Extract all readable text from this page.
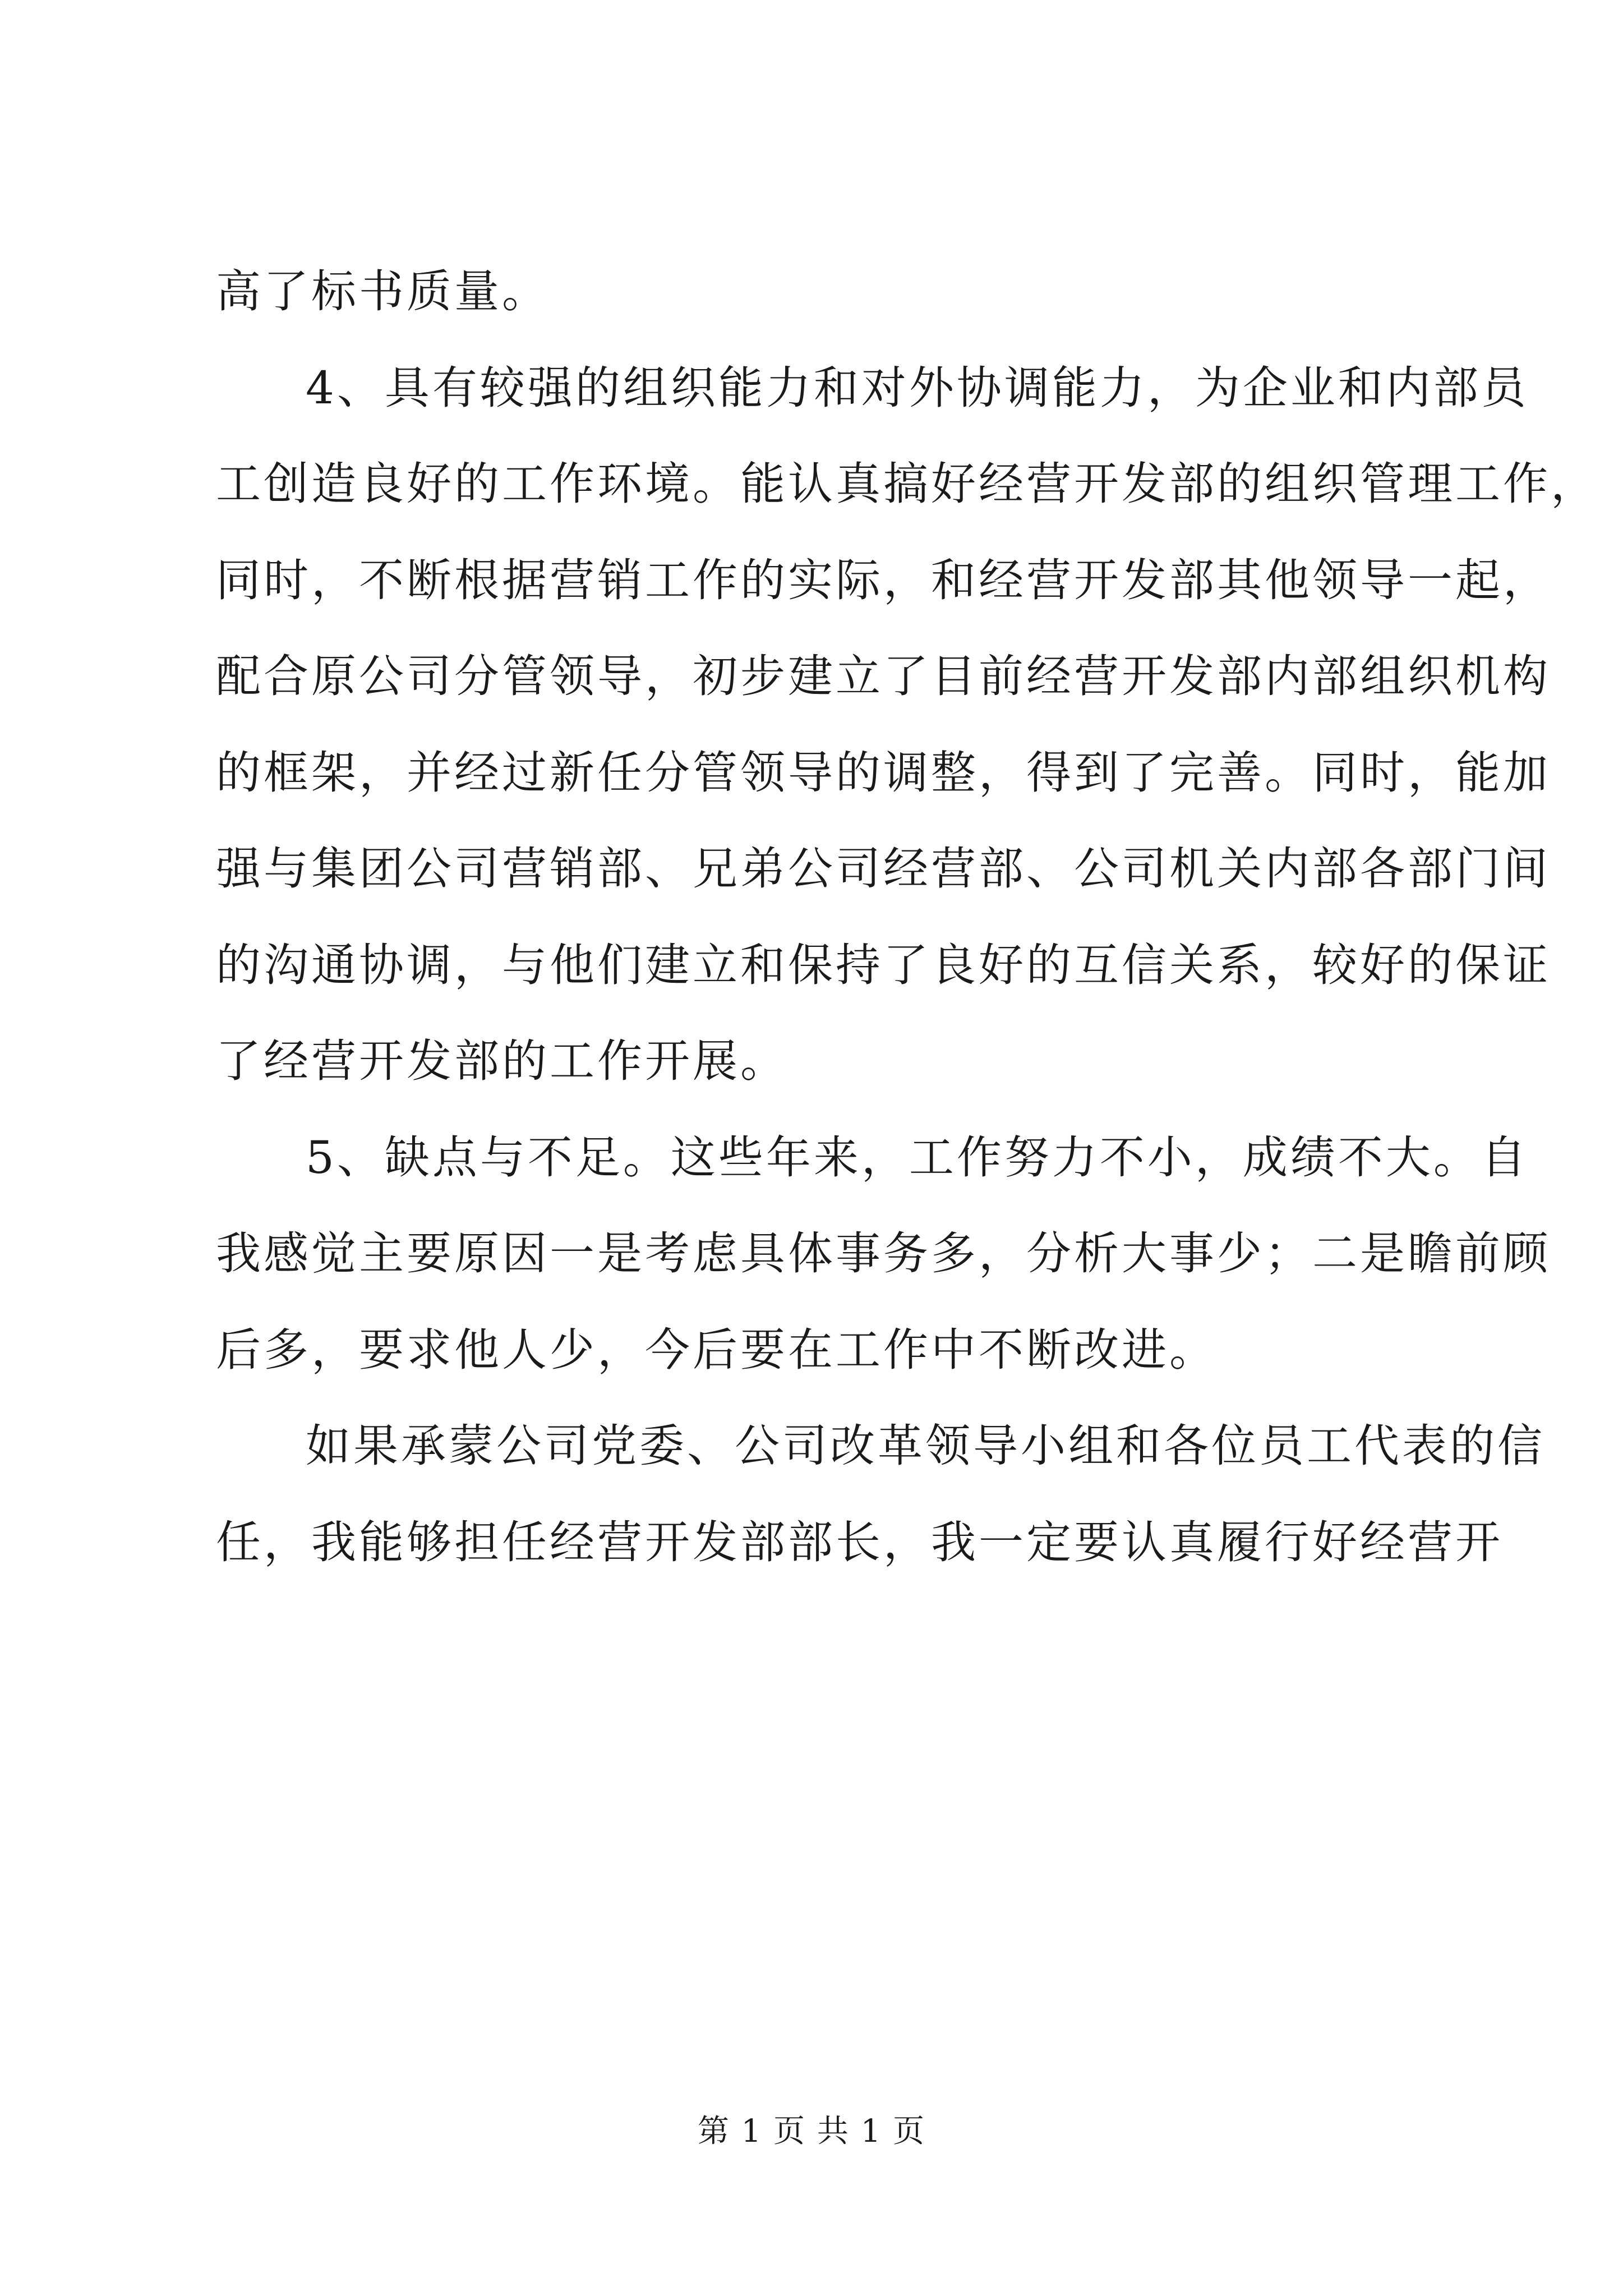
高了标书质量。
4、具有较强的组织能力和对外协调能力，为企业和内部员
工创造良好的工作环境。能认真搞好经营开发部的组织管理工作，
同时，不断根据营销工作的实际，和经营开发部其他领导一起，
配合原公司分管领导，初步建立了目前经营开发部内部组织机构
的框架，并经过新任分管领导的调整，得到了完善。同时，能加
强与集团公司营销部、兄弟公司经营部、公司机关内部各部门间
的沟通协调，与他们建立和保持了良好的互信关系，较好的保证
了经营开发部的工作开展。
5、缺点与不足。这些年来，工作努力不小，成绩不大。自
我感觉主要原因一是考虑具体事务多，分析大事少；二是瞻前顾
后多，要求他人少，今后要在工作中不断改进。
如果承蒙公司党委、公司改革领导小组和各位员工代表的信
任，我能够担任经营开发部部长，我一定要认真履行好经营开
第 1 页 共 1 页
